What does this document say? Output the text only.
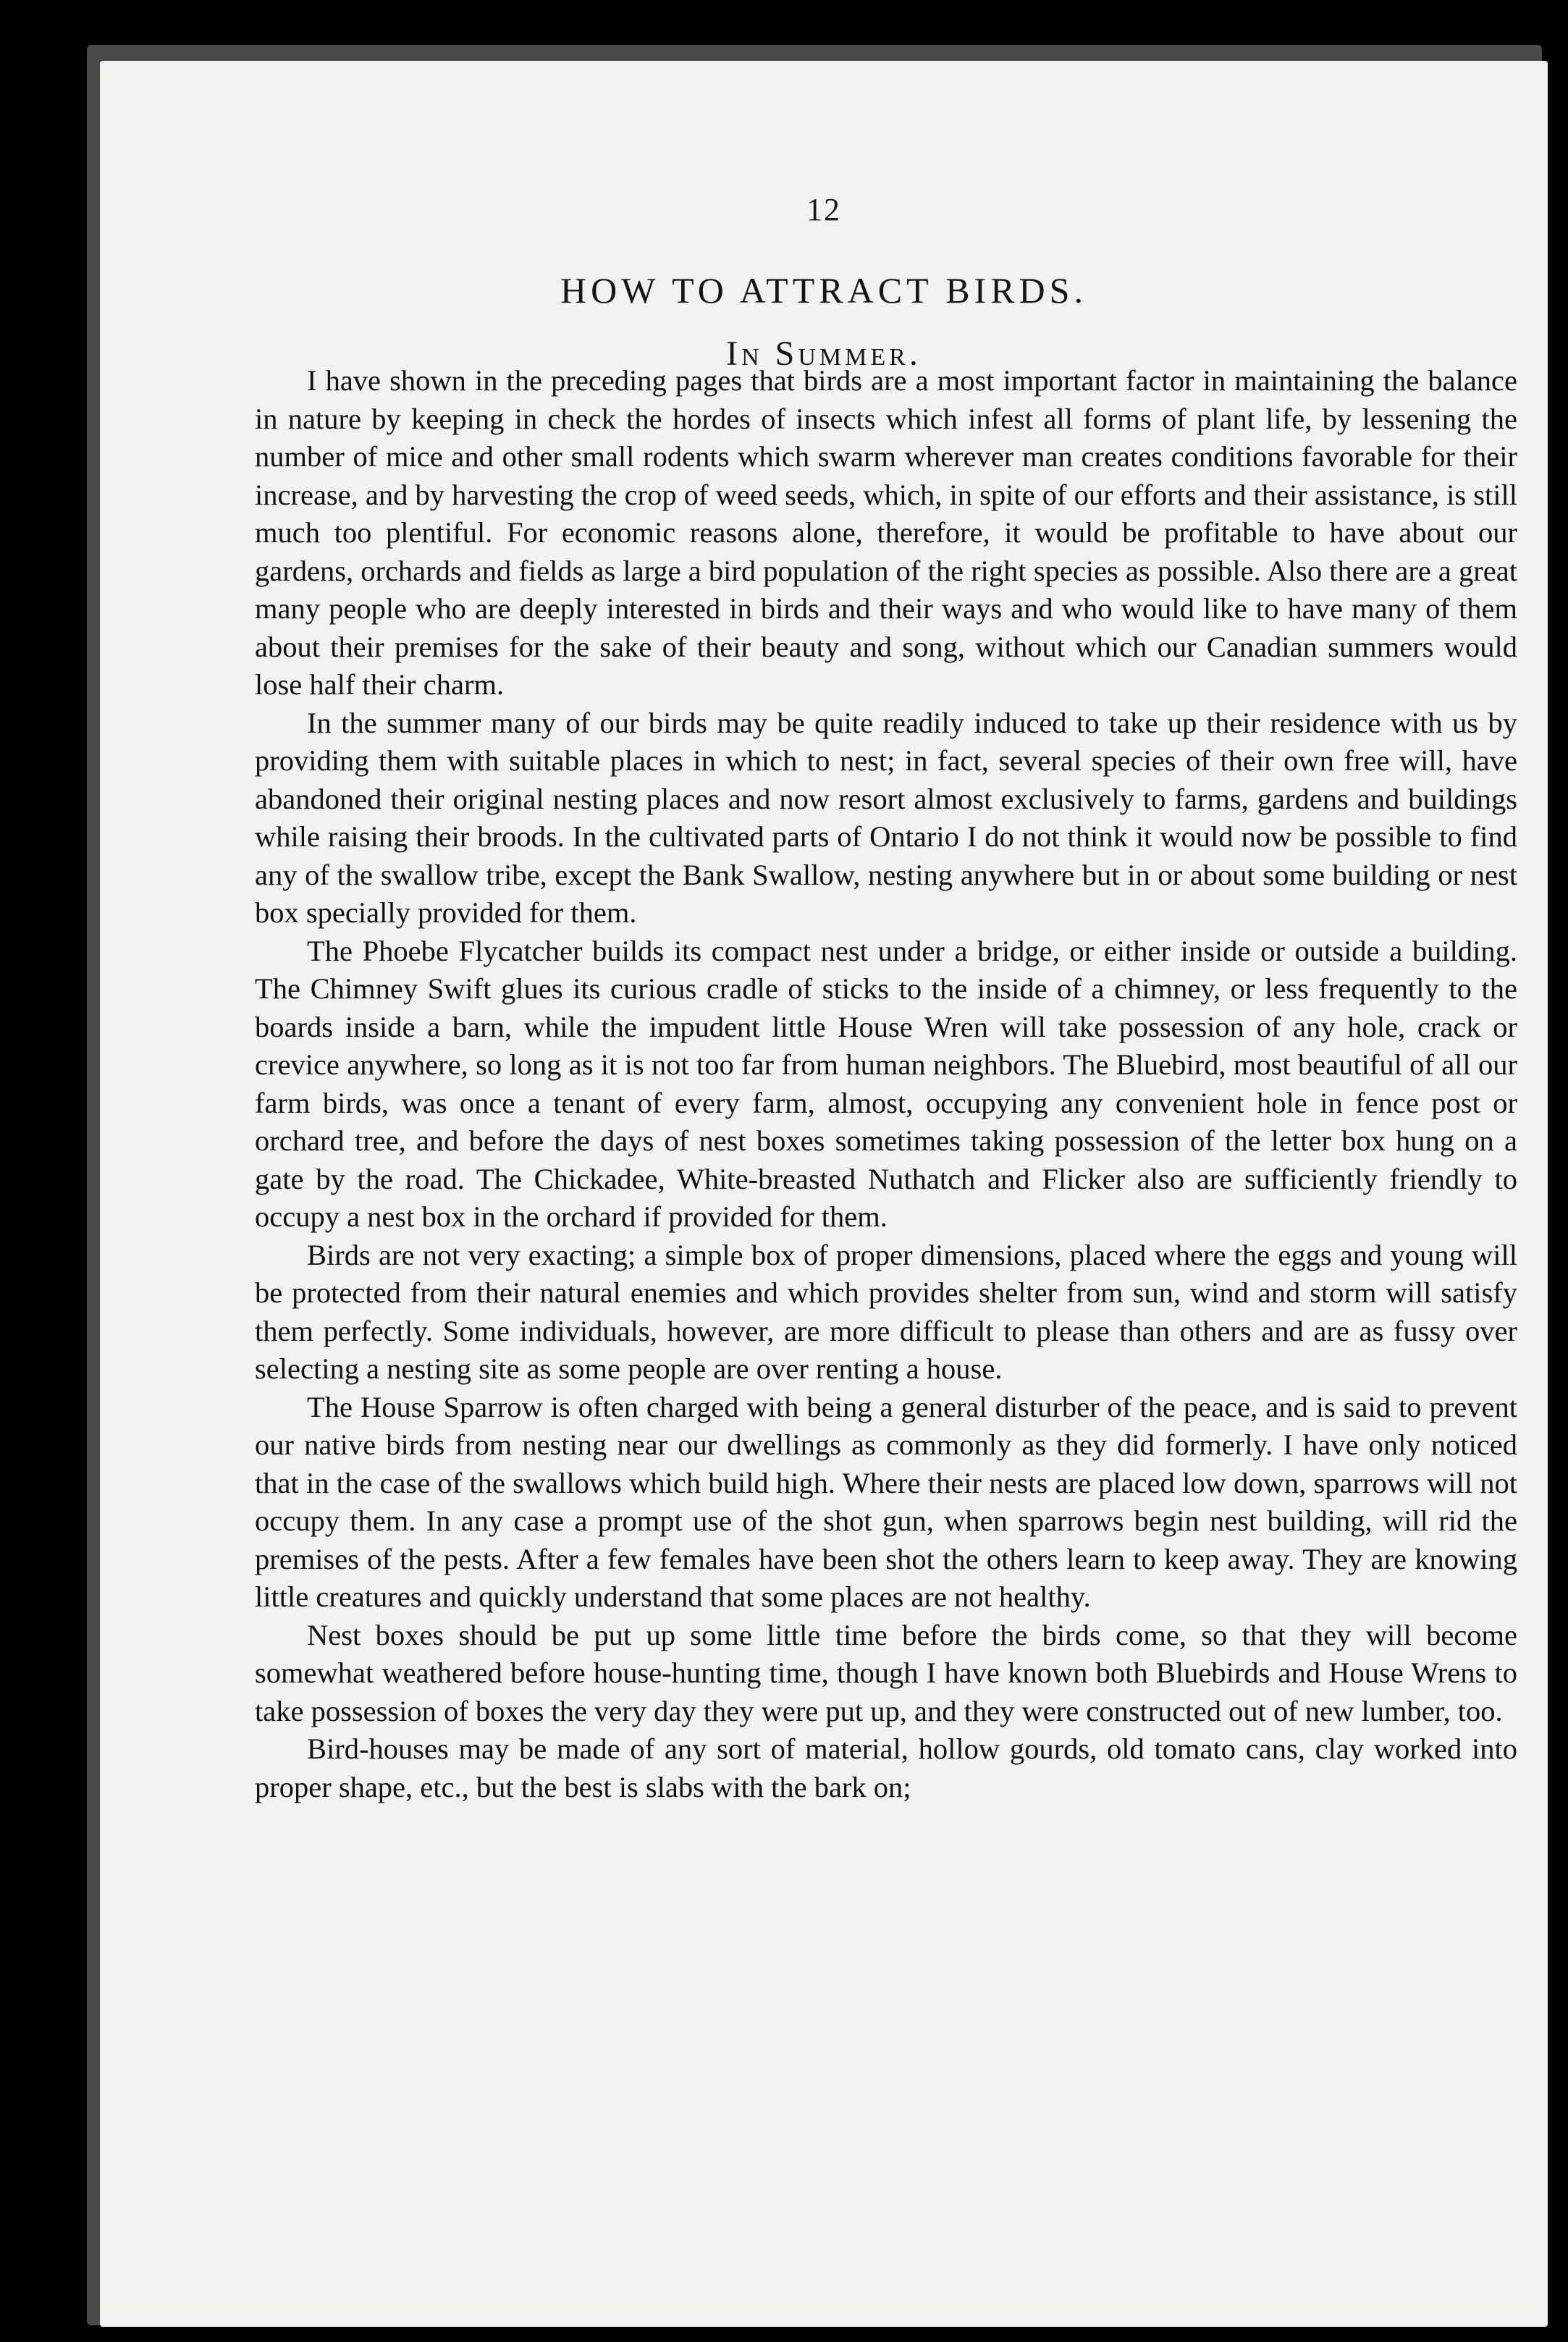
12
HOW TO ATTRACT BIRDS.
In Summer.

I have shown in the preceding pages that birds are a most important factor in maintaining the balance in nature by keeping in check the hordes of insects which infest all forms of plant life, by lessening the number of mice and other small rodents which swarm wherever man creates conditions favorable for their increase, and by harvesting the crop of weed seeds, which, in spite of our efforts and their assistance, is still much too plentiful. For economic reasons alone, therefore, it would be profitable to have about our gardens, orchards and fields as large a bird population of the right species as possible. Also there are a great many people who are deeply interested in birds and their ways and who would like to have many of them about their premises for the sake of their beauty and song, without which our Canadian summers would lose half their charm.

In the summer many of our birds may be quite readily induced to take up their residence with us by providing them with suitable places in which to nest; in fact, several species of their own free will, have abandoned their original nesting places and now resort almost exclusively to farms, gardens and buildings while raising their broods. In the cultivated parts of Ontario I do not think it would now be possible to find any of the swallow tribe, except the Bank Swallow, nesting anywhere but in or about some building or nest box specially provided for them.

The Phoebe Flycatcher builds its compact nest under a bridge, or either inside or outside a building. The Chimney Swift glues its curious cradle of sticks to the inside of a chimney, or less frequently to the boards inside a barn, while the impudent little House Wren will take possession of any hole, crack or crevice anywhere, so long as it is not too far from human neighbors. The Bluebird, most beautiful of all our farm birds, was once a tenant of every farm, almost, occupying any convenient hole in fence post or orchard tree, and before the days of nest boxes sometimes taking possession of the letter box hung on a gate by the road. The Chickadee, White-breasted Nuthatch and Flicker also are sufficiently friendly to occupy a nest box in the orchard if provided for them.

Birds are not very exacting; a simple box of proper dimensions, placed where the eggs and young will be protected from their natural enemies and which provides shelter from sun, wind and storm will satisfy them perfectly. Some individuals, however, are more difficult to please than others and are as fussy over selecting a nesting site as some people are over renting a house.

The House Sparrow is often charged with being a general disturber of the peace, and is said to prevent our native birds from nesting near our dwellings as commonly as they did formerly. I have only noticed that in the case of the swallows which build high. Where their nests are placed low down, sparrows will not occupy them. In any case a prompt use of the shot gun, when sparrows begin nest building, will rid the premises of the pests. After a few females have been shot the others learn to keep away. They are knowing little creatures and quickly understand that some places are not healthy.

Nest boxes should be put up some little time before the birds come, so that they will become somewhat weathered before house-hunting time, though I have known both Bluebirds and House Wrens to take possession of boxes the very day they were put up, and they were constructed out of new lumber, too.

Bird-houses may be made of any sort of material, hollow gourds, old tomato cans, clay worked into proper shape, etc., but the best is slabs with the bark on;
